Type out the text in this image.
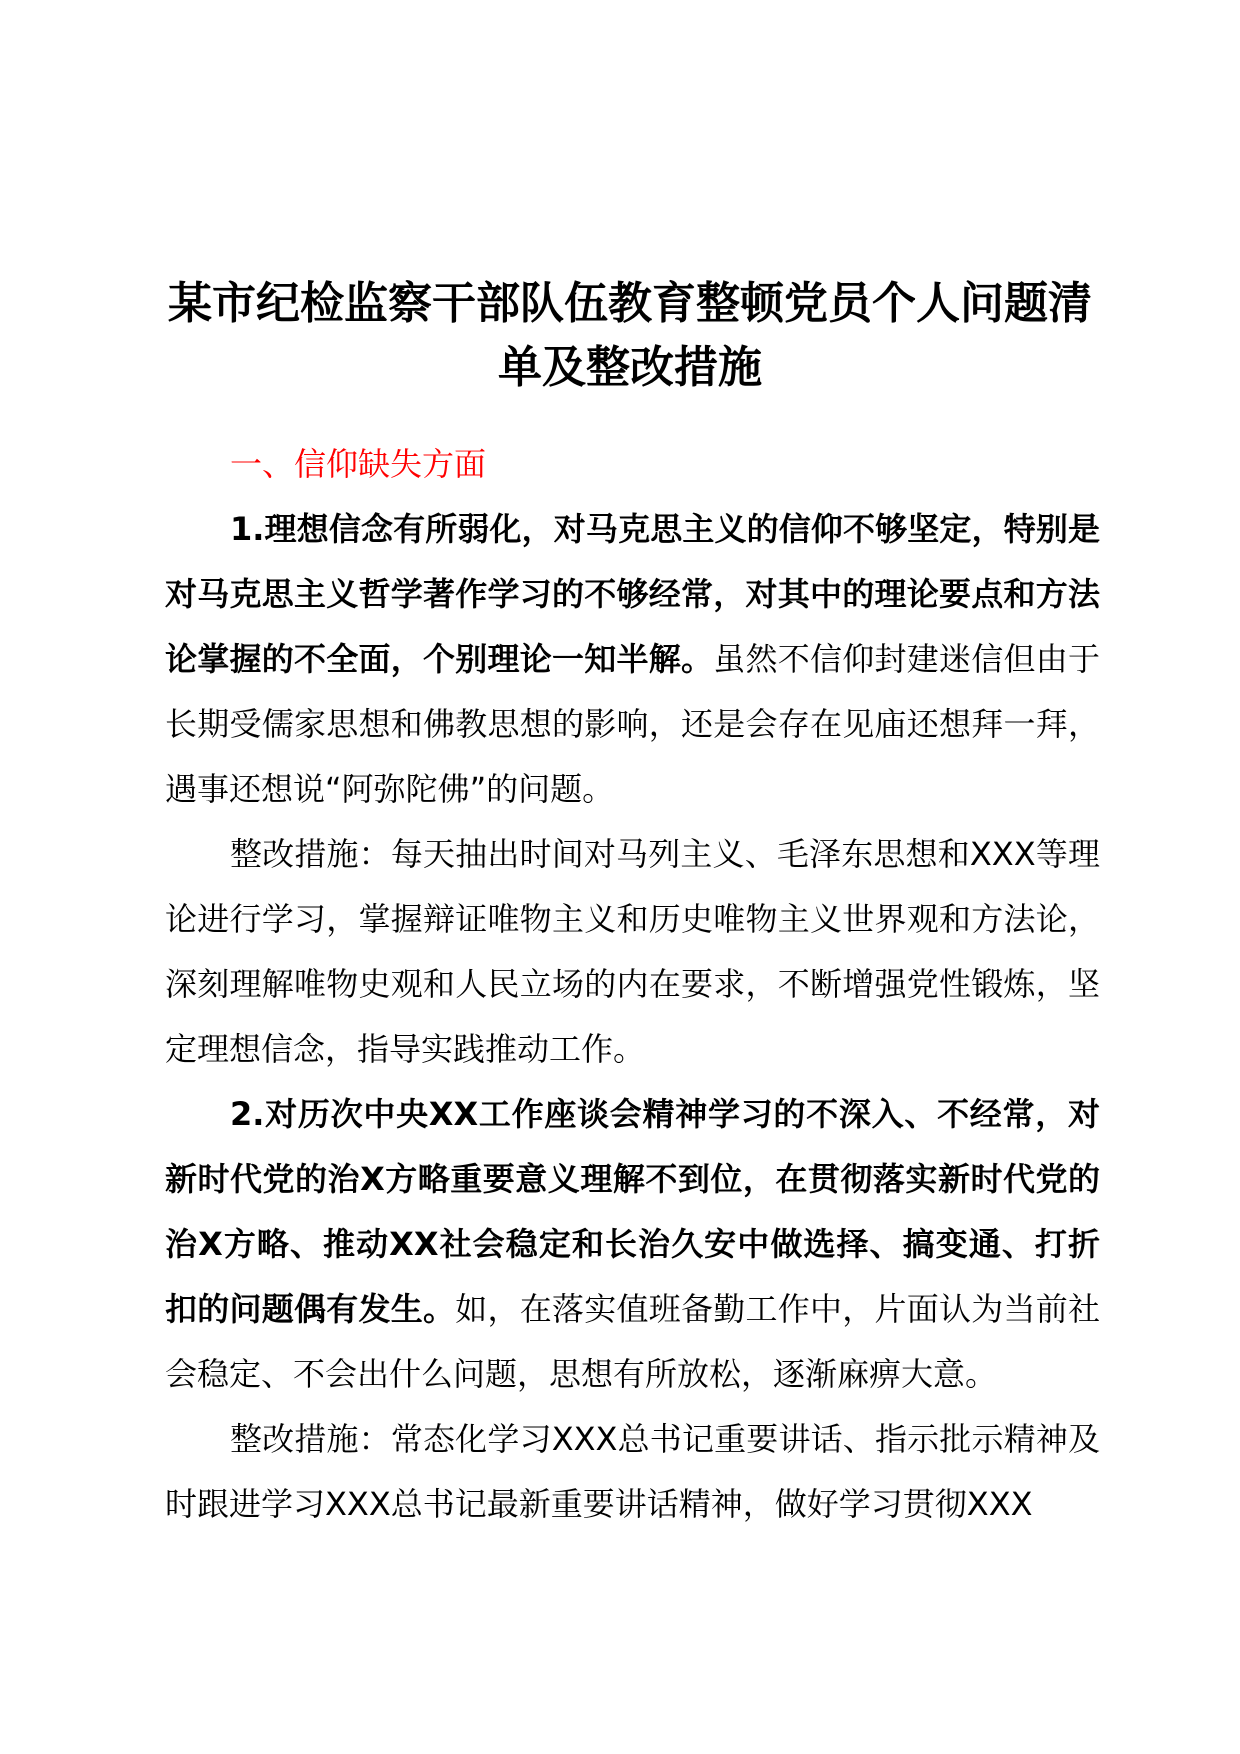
某市纪检监察干部队伍教育整顿党员个人问题清单及整改措施

一、信仰缺失方面

1.理想信念有所弱化，对马克思主义的信仰不够坚定，特别是对马克思主义哲学著作学习的不够经常，对其中的理论要点和方法论掌握的不全面，个别理论一知半解。虽然不信仰封建迷信但由于长期受儒家思想和佛教思想的影响，还是会存在见庙还想拜一拜，遇事还想说“阿弥陀佛”的问题。

整改措施：每天抽出时间对马列主义、毛泽东思想和XXX等理论进行学习，掌握辩证唯物主义和历史唯物主义世界观和方法论，深刻理解唯物史观和人民立场的内在要求，不断增强党性锻炼，坚定理想信念，指导实践推动工作。

2.对历次中央XX工作座谈会精神学习的不深入、不经常，对新时代党的治X方略重要意义理解不到位，在贯彻落实新时代党的治X方略、推动XX社会稳定和长治久安中做选择、搞变通、打折扣的问题偶有发生。如，在落实值班备勤工作中，片面认为当前社会稳定、不会出什么问题，思想有所放松，逐渐麻痹大意。

整改措施：常态化学习XXX总书记重要讲话、指示批示精神及时跟进学习XXX总书记最新重要讲话精神，做好学习贯彻XXX
